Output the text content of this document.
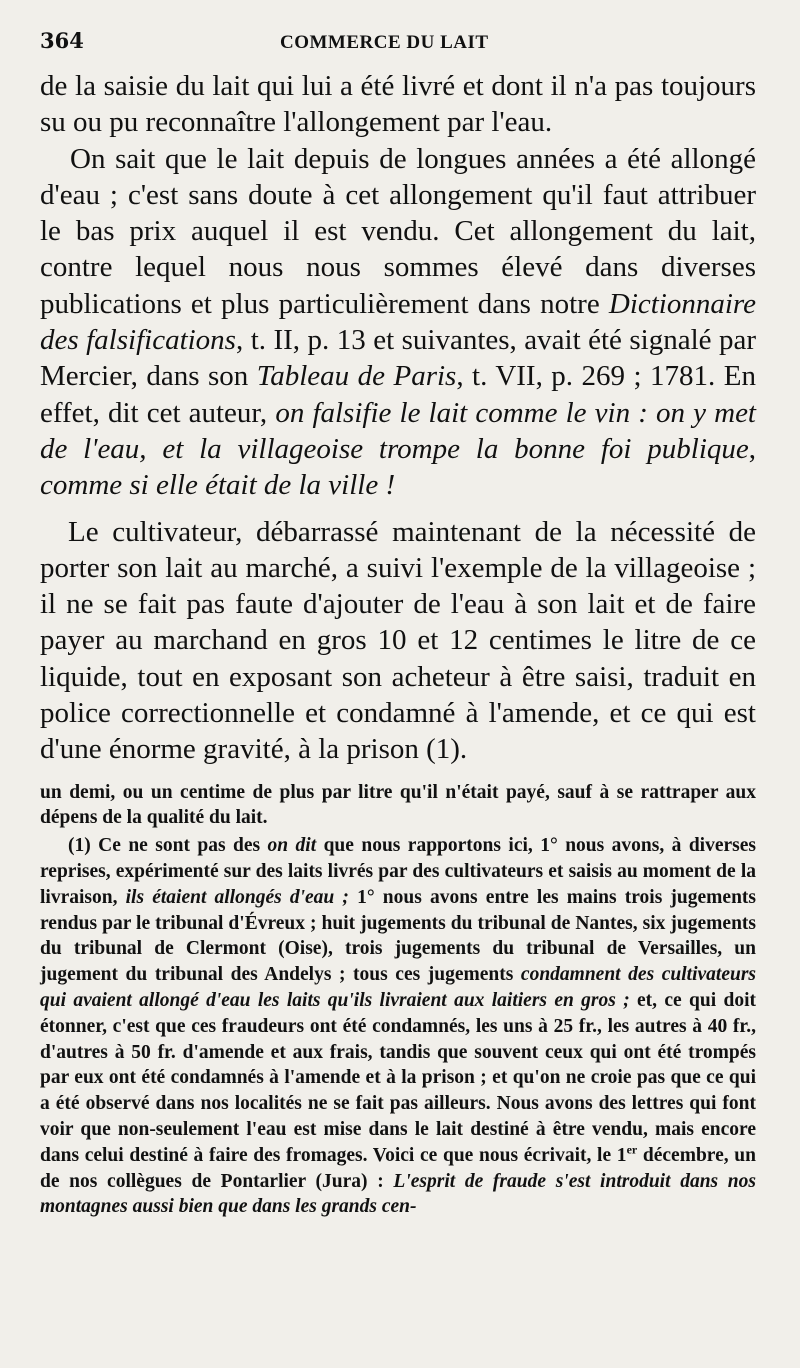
364	COMMERCE DU LAIT

de la saisie du lait qui lui a été livré et dont il n'a pas toujours su ou pu reconnaître l'allongement par l'eau.

On sait que le lait depuis de longues années a été allongé d'eau ; c'est sans doute à cet allongement qu'il faut attribuer le bas prix auquel il est vendu. Cet allongement du lait, contre lequel nous nous sommes élevé dans diverses publications et plus particulièrement dans notre Dictionnaire des falsifications, t. II, p. 13 et suivantes, avait été signalé par Mercier, dans son Tableau de Paris, t. VII, p. 269 ; 1781. En effet, dit cet auteur, on falsifie le lait comme le vin : on y met de l'eau, et la villageoise trompe la bonne foi publique, comme si elle était de la ville !

Le cultivateur, débarrassé maintenant de la nécessité de porter son lait au marché, a suivi l'exemple de la villageoise ; il ne se fait pas faute d'ajouter de l'eau à son lait et de faire payer au marchand en gros 10 et 12 centimes le litre de ce liquide, tout en exposant son acheteur à être saisi, traduit en police correctionnelle et condamné à l'amende, et ce qui est d'une énorme gravité, à la prison (1).

un demi, ou un centime de plus par litre qu'il n'était payé, sauf à se rattraper aux dépens de la qualité du lait.

(1) Ce ne sont pas des on dit que nous rapportons ici, 1° nous avons, à diverses reprises, expérimenté sur des laits livrés par des cultivateurs et saisis au moment de la livraison, ils étaient allongés d'eau ; 1° nous avons entre les mains trois jugements rendus par le tribunal d'Évreux ; huit jugements du tribunal de Nantes, six jugements du tribunal de Clermont (Oise), trois jugements du tribunal de Versailles, un jugement du tribunal des Andelys ; tous ces jugements condamnent des cultivateurs qui avaient allongé d'eau les laits qu'ils livraient aux laitiers en gros ; et, ce qui doit étonner, c'est que ces fraudeurs ont été condamnés, les uns à 25 fr., les autres à 40 fr., d'autres à 50 fr. d'amende et aux frais, tandis que souvent ceux qui ont été trompés par eux ont été condamnés à l'amende et à la prison ; et qu'on ne croie pas que ce qui a été observé dans nos localités ne se fait pas ailleurs. Nous avons des lettres qui font voir que non-seulement l'eau est mise dans le lait destiné à être vendu, mais encore dans celui destiné à faire des fromages. Voici ce que nous écrivait, le 1er décembre, un de nos collègues de Pontarlier (Jura) : L'esprit de fraude s'est introduit dans nos montagnes aussi bien que dans les grands cen-
